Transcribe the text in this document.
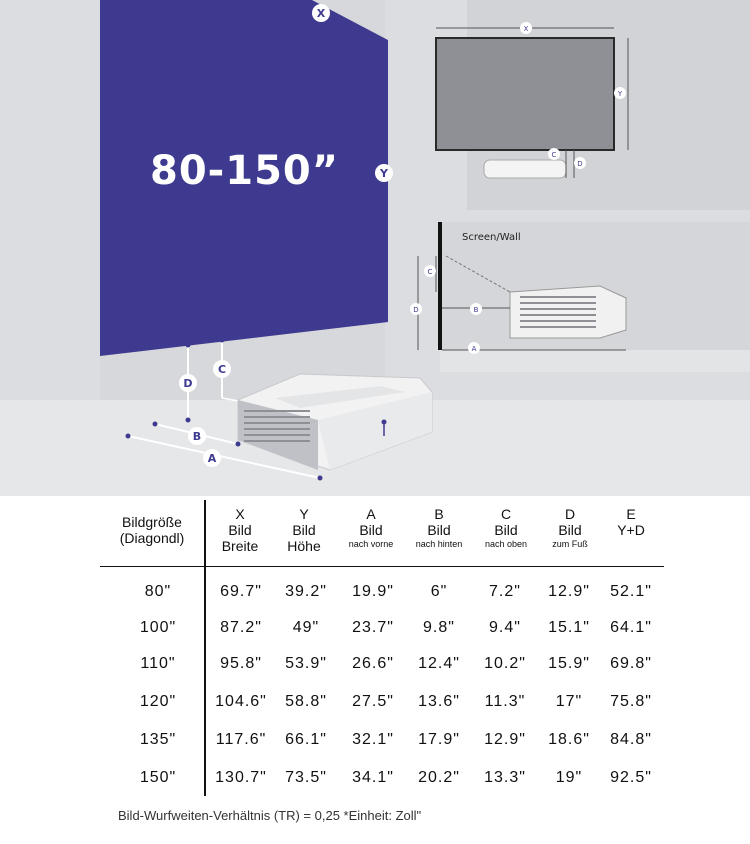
X
Y
D
C
B
A
X
Y
C
D
C
D	B
A
80-150”
Screen/Wall
Bildgröße
(Diagondl)
X
Bild
Breite
Y
Bild
Höhe
A
Bild
nach vorne
B
Bild
nach hinten
C
Bild
nach oben
D
Bild
zum Fuß
E
Y+D
80"	69.7"	39.2"	19.9"	6"	7.2"	12.9"	52.1"
100"	87.2"	49"	23.7"	9.8"	9.4"	15.1"	64.1"
110"	95.8"	53.9"	26.6"	12.4"	10.2"	15.9"	69.8"
120"	104.6"	58.8"	27.5"	13.6"	11.3"	17"	75.8"
135"	117.6"	66.1"	32.1"	17.9"	12.9"	18.6"	84.8"
150"	130.7"	73.5"	34.1"	20.2"	13.3"	19"	92.5"
Bild-Wurfweiten-Verhältnis (TR) = 0,25 *Einheit: Zoll"
